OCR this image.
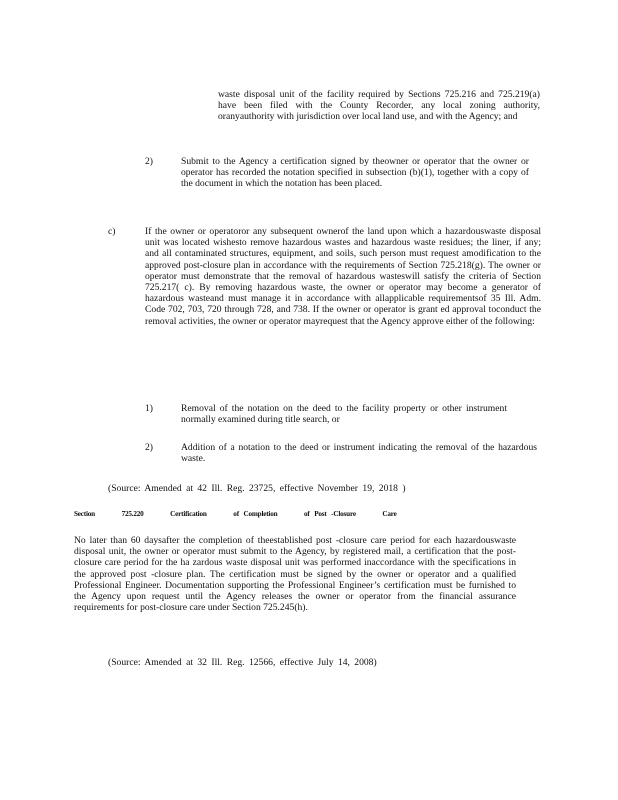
waste disposal unit of the facility required by Sections 725.216 and 725.219(a) have been filed with the County Recorder, any local zoning authority, oranyauthority with jurisdiction over local land use, and with the Agency; and
2)	Submit to the Agency a certification signed by theowner or operator that the owner or operator has recorded the notation specified in subsection (b)(1), together with a copy of the document in which the notation has been placed.
c)	If the owner or operatoror any subsequent ownerof the land upon which a hazardouswaste disposal unit was located wishesto remove hazardous wastes and hazardous waste residues; the liner, if any; and all contaminated structures, equipment, and soils, such person must request amodification to the approved post-closure plan in accordance with the requirements of Section 725.218(g). The owner or operator must demonstrate that the removal of hazardous wasteswill satisfy the criteria of Section 725.217( c). By removing hazardous waste, the owner or operator may become a generator of hazardous wasteand must manage it in accordance with allapplicable requirementsof 35 Ill. Adm. Code 702, 703, 720 through 728, and 738. If the owner or operator is grant ed approval toconduct the removal activities, the owner or operator mayrequest that the Agency approve either of the following:
1)	Removal of the notation on the deed to the facility property or other instrument normally examined during title search, or
2)	Addition of a notation to the deed or instrument indicating the removal of the hazardous waste.
(Source: Amended at 42 Ill. Reg. 23725, effective November 19, 2018 )
Section	725.220	Certification	of Completion	of Post -Closure	Care
No later than 60 daysafter the completion of theestablished post -closure care period for each hazardouswaste disposal unit, the owner or operator must submit to the Agency, by registered mail, a certification that the post-closure care period for the ha zardous waste disposal unit was performed inaccordance with the specifications in the approved post -closure plan. The certification must be signed by the owner or operator and a qualified Professional Engineer. Documentation supporting the Professional Engineer’s certification must be furnished to the Agency upon request until the Agency releases the owner or operator from the financial assurance requirements for post-closure care under Section 725.245(h).
(Source: Amended at 32 Ill. Reg. 12566, effective July 14, 2008)
